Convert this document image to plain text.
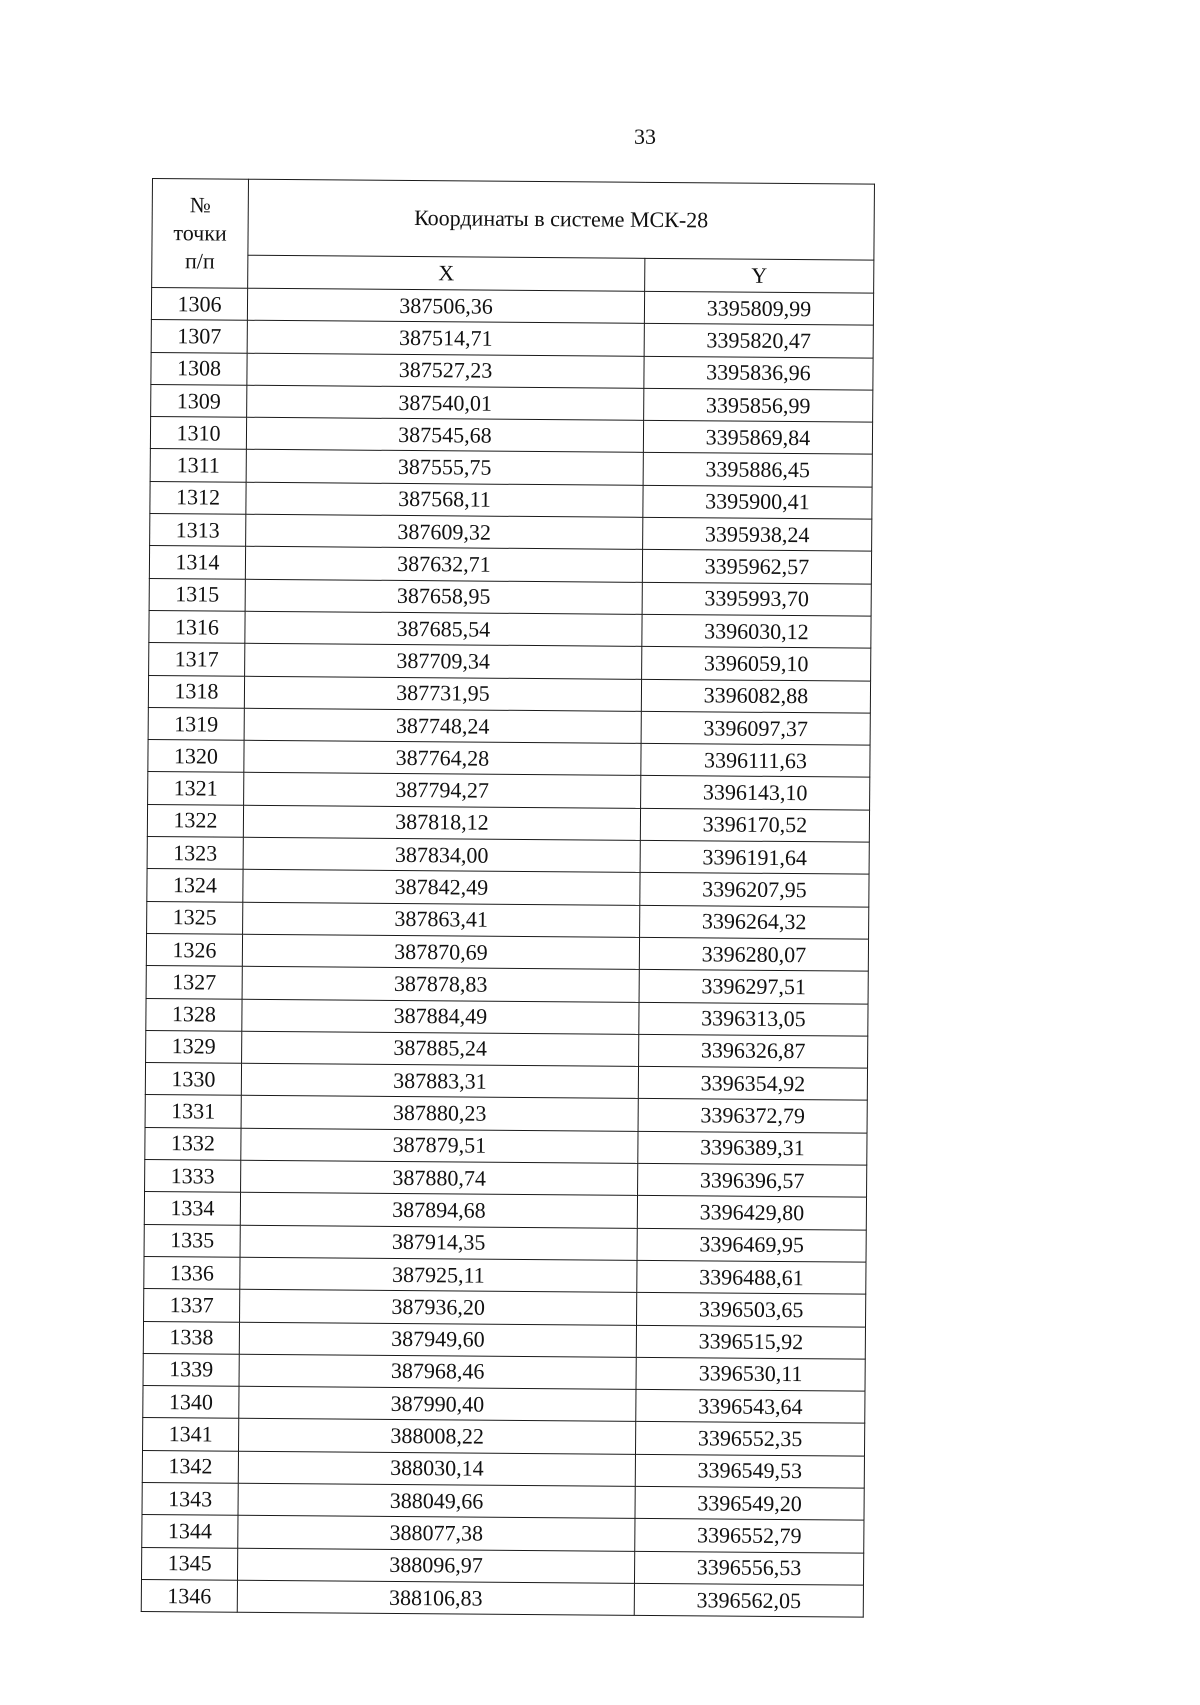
33
№
точки
п/п	Координаты в системе МСК-28	
	X	Y
1306	387506,36	3395809,99
1307	387514,71	3395820,47
1308	387527,23	3395836,96
1309	387540,01	3395856,99
1310	387545,68	3395869,84
1311	387555,75	3395886,45
1312	387568,11	3395900,41
1313	387609,32	3395938,24
1314	387632,71	3395962,57
1315	387658,95	3395993,70
1316	387685,54	3396030,12
1317	387709,34	3396059,10
1318	387731,95	3396082,88
1319	387748,24	3396097,37
1320	387764,28	3396111,63
1321	387794,27	3396143,10
1322	387818,12	3396170,52
1323	387834,00	3396191,64
1324	387842,49	3396207,95
1325	387863,41	3396264,32
1326	387870,69	3396280,07
1327	387878,83	3396297,51
1328	387884,49	3396313,05
1329	387885,24	3396326,87
1330	387883,31	3396354,92
1331	387880,23	3396372,79
1332	387879,51	3396389,31
1333	387880,74	3396396,57
1334	387894,68	3396429,80
1335	387914,35	3396469,95
1336	387925,11	3396488,61
1337	387936,20	3396503,65
1338	387949,60	3396515,92
1339	387968,46	3396530,11
1340	387990,40	3396543,64
1341	388008,22	3396552,35
1342	388030,14	3396549,53
1343	388049,66	3396549,20
1344	388077,38	3396552,79
1345	388096,97	3396556,53
1346	388106,83	3396562,05
